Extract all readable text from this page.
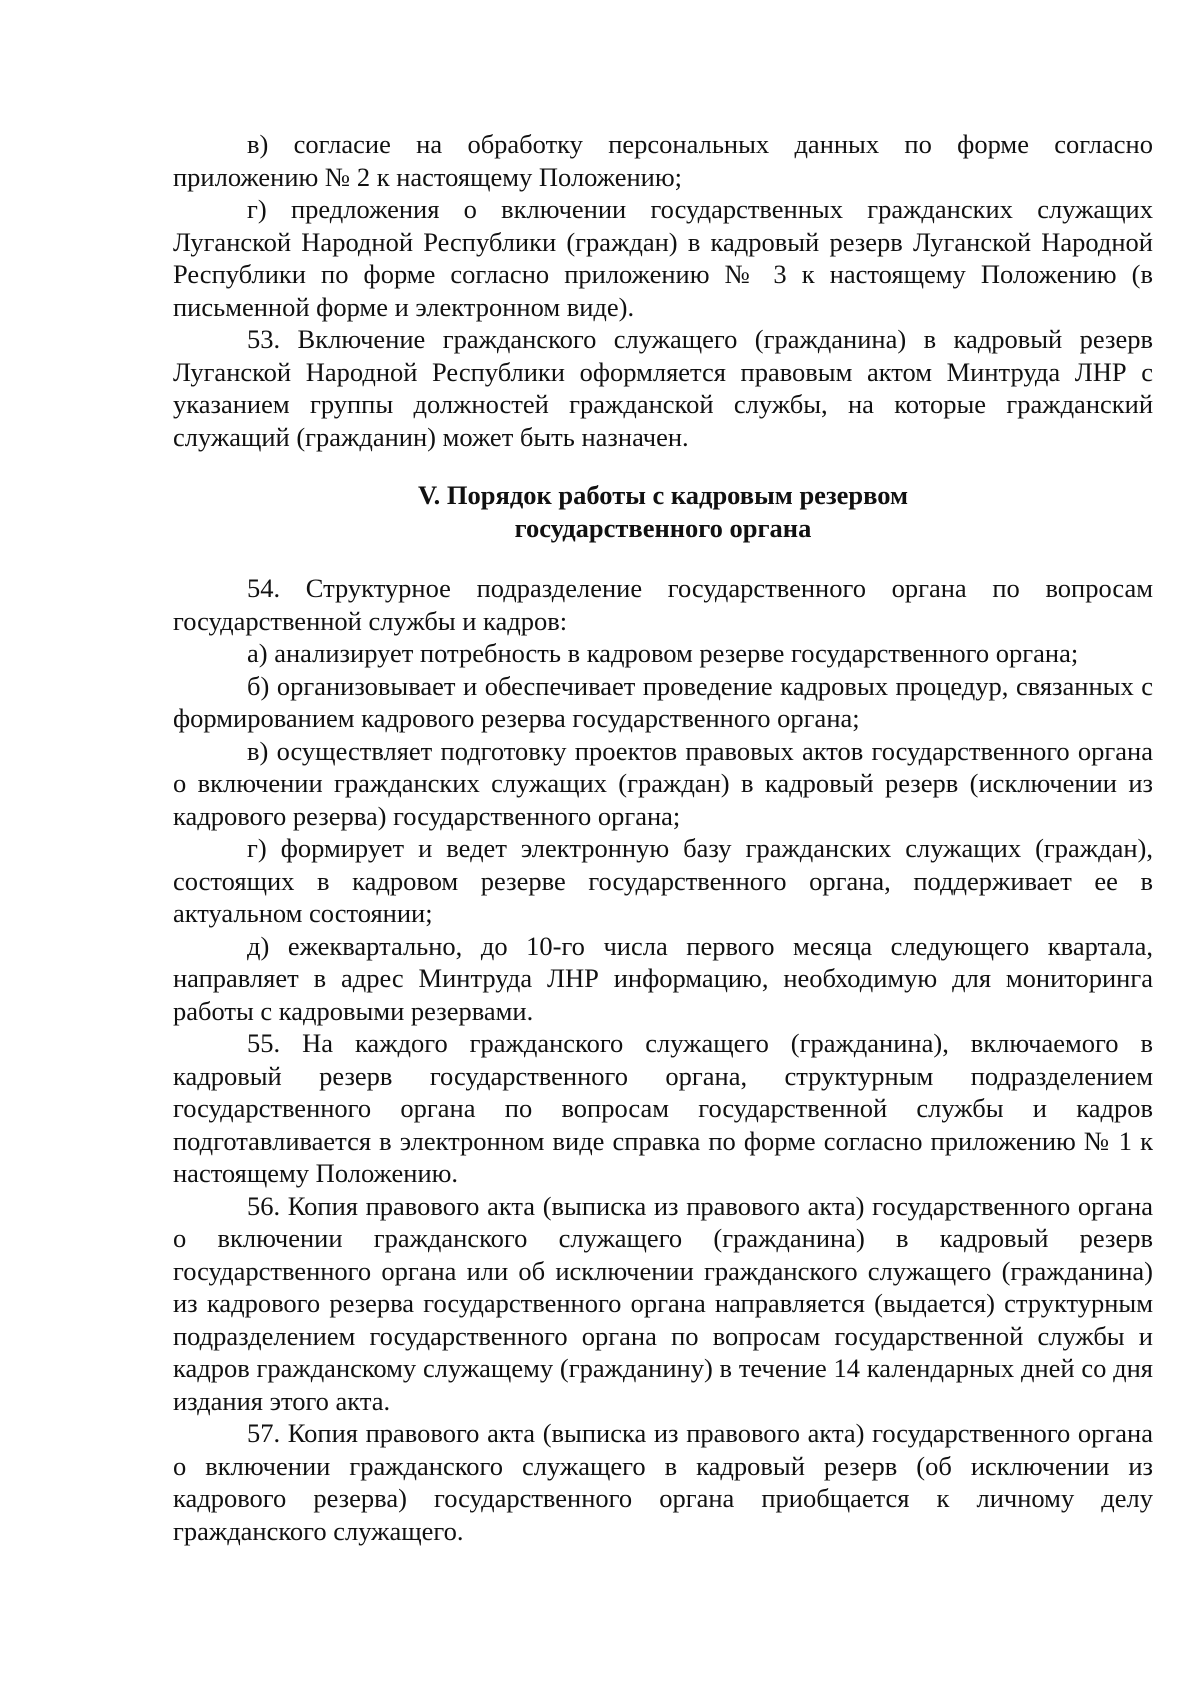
в) согласие на обработку персональных данных по форме согласно приложению № 2 к настоящему Положению;

г) предложения о включении государственных гражданских служащих Луганской Народной Республики (граждан) в кадровый резерв Луганской Народной Республики по форме согласно приложению № 3 к настоящему Положению (в письменной форме и электронном виде).

53. Включение гражданского служащего (гражданина) в кадровый резерв Луганской Народной Республики оформляется правовым актом Минтруда ЛНР с указанием группы должностей гражданской службы, на которые гражданский служащий (гражданин) может быть назначен.

V. Порядок работы с кадровым резервом
государственного органа

54. Структурное подразделение государственного органа по вопросам государственной службы и кадров:

а) анализирует потребность в кадровом резерве государственного органа;

б) организовывает и обеспечивает проведение кадровых процедур, связанных с формированием кадрового резерва государственного органа;

в) осуществляет подготовку проектов правовых актов государственного органа о включении гражданских служащих (граждан) в кадровый резерв (исключении из кадрового резерва) государственного органа;

г) формирует и ведет электронную базу гражданских служащих (граждан), состоящих в кадровом резерве государственного органа, поддерживает ее в актуальном состоянии;

д) ежеквартально, до 10-го числа первого месяца следующего квартала, направляет в адрес Минтруда ЛНР информацию, необходимую для мониторинга работы с кадровыми резервами.

55. На каждого гражданского служащего (гражданина), включаемого в кадровый резерв государственного органа, структурным подразделением государственного органа по вопросам государственной службы и кадров подготавливается в электронном виде справка по форме согласно приложению № 1 к настоящему Положению.

56. Копия правового акта (выписка из правового акта) государственного органа о включении гражданского служащего (гражданина) в кадровый резерв государственного органа или об исключении гражданского служащего (гражданина) из кадрового резерва государственного органа направляется (выдается) структурным подразделением государственного органа по вопросам государственной службы и кадров гражданскому служащему (гражданину) в течение 14 календарных дней со дня издания этого акта.

57. Копия правового акта (выписка из правового акта) государственного органа о включении гражданского служащего в кадровый резерв (об исключении из кадрового резерва) государственного органа приобщается к личному делу гражданского служащего.
